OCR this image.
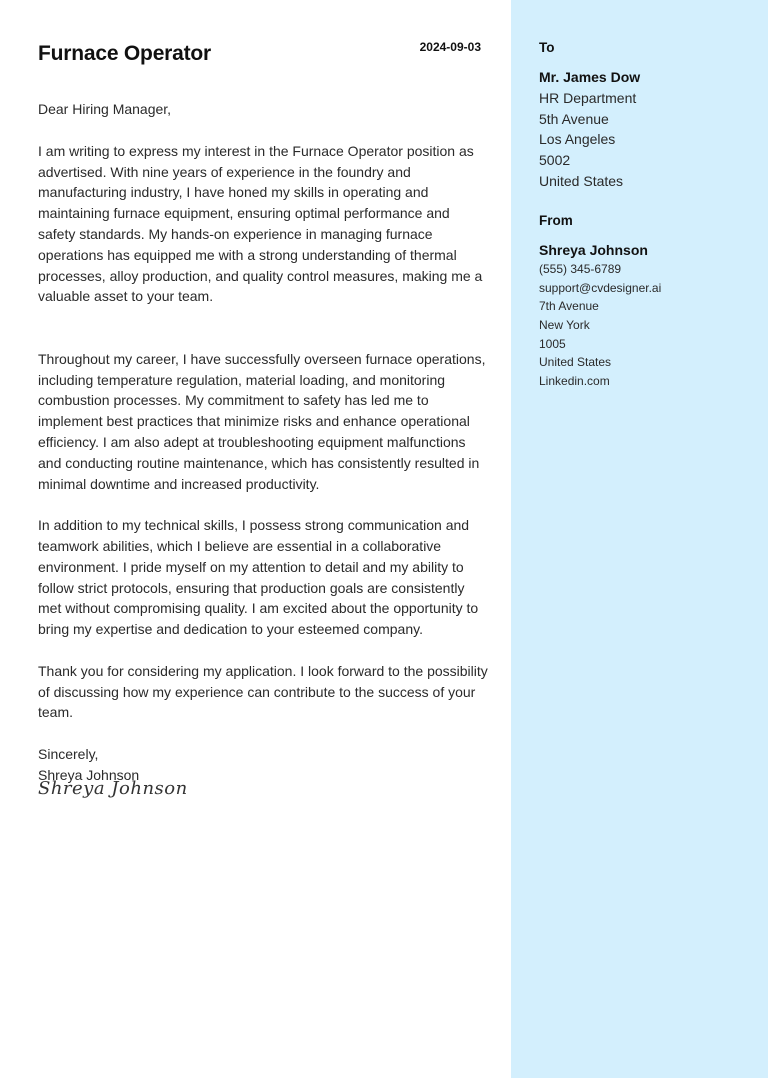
Furnace Operator	2024-09-03

Dear Hiring Manager,

I am writing to express my interest in the Furnace Operator position as advertised. With nine years of experience in the foundry and manufacturing industry, I have honed my skills in operating and maintaining furnace equipment, ensuring optimal performance and safety standards. My hands-on experience in managing furnace operations has equipped me with a strong understanding of thermal processes, alloy production, and quality control measures, making me a valuable asset to your team.

Throughout my career, I have successfully overseen furnace operations, including temperature regulation, material loading, and monitoring combustion processes. My commitment to safety has led me to implement best practices that minimize risks and enhance operational efficiency. I am also adept at troubleshooting equipment malfunctions and conducting routine maintenance, which has consistently resulted in minimal downtime and increased productivity.

In addition to my technical skills, I possess strong communication and teamwork abilities, which I believe are essential in a collaborative environment. I pride myself on my attention to detail and my ability to follow strict protocols, ensuring that production goals are consistently met without compromising quality. I am excited about the opportunity to bring my expertise and dedication to your esteemed company.

Thank you for considering my application. I look forward to the possibility of discussing how my experience can contribute to the success of your team.

Sincerely,

Shreya Johnson

Shreya Johnson
To
Mr. James Dow
HR Department
5th Avenue
Los Angeles
5002
United States
From
Shreya Johnson
(555) 345-6789
support@cvdesigner.ai
7th Avenue
New York
1005
United States
Linkedin.com
